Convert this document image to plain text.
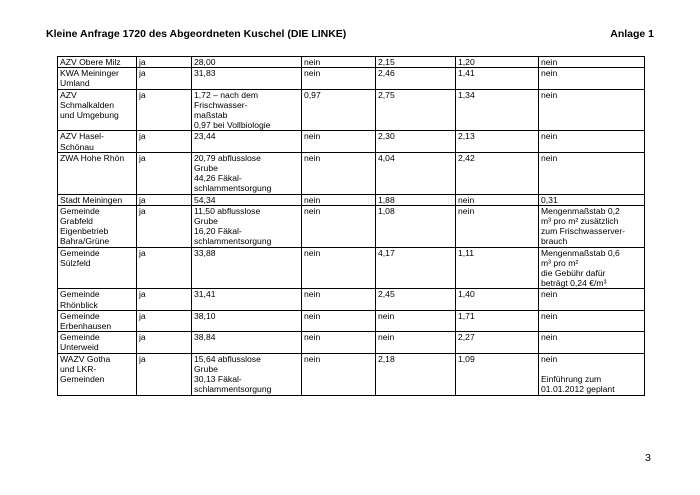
Kleine Anfrage 1720 des Abgeordneten Kuschel (DIE LINKE)	Anlage 1
AZV Obere Milz	ja	28,00	nein	2,15	1,20	nein
KWA Meininger
Umland	ja	31,83	nein	2,46	1,41	nein
AZV
Schmalkalden
und Umgebung	ja	1,72 – nach dem
Frischwasser-
maßstab
0,97 bei Vollbiologie	0,97	2,75	1,34	nein
AZV Hasel-
Schönau	ja	23,44	nein	2,30	2,13	nein
ZWA Hohe Rhön	ja	20,79 abflusslose
Grube
44,26 Fäkal-
schlammentsorgung	nein	4,04	2,42	nein
Stadt Meiningen	ja	54,34	nein	1,88	nein	0,31
Gemeinde
Grabfeld
Eigenbetrieb
Bahra/Grüne	ja	11,50 abflusslose
Grube
16,20 Fäkal-
schlammentsorgung	nein	1,08	nein	Mengenmaßstab 0,2
m³ pro m² zusätzlich
zum Frischwasserver-
brauch
Gemeinde
Sülzfeld	ja	33,88	nein	4,17	1,11	Mengenmaßstab 0,6
m³ pro m²
die Gebühr dafür
beträgt 0,24 €/m³
Gemeinde
Rhönblick	ja	31,41	nein	2,45	1,40	nein
Gemeinde
Erbenhausen	ja	38,10	nein	nein	1,71	nein
Gemeinde
Unterweid	ja	38,84	nein	nein	2,27	nein
WAZV Gotha
und LKR-
Gemeinden	ja	15,64 abflusslose
Grube
30,13 Fäkal-
schlammentsorgung	nein	2,18	1,09	nein

Einführung zum
01.01.2012 geplant
3
